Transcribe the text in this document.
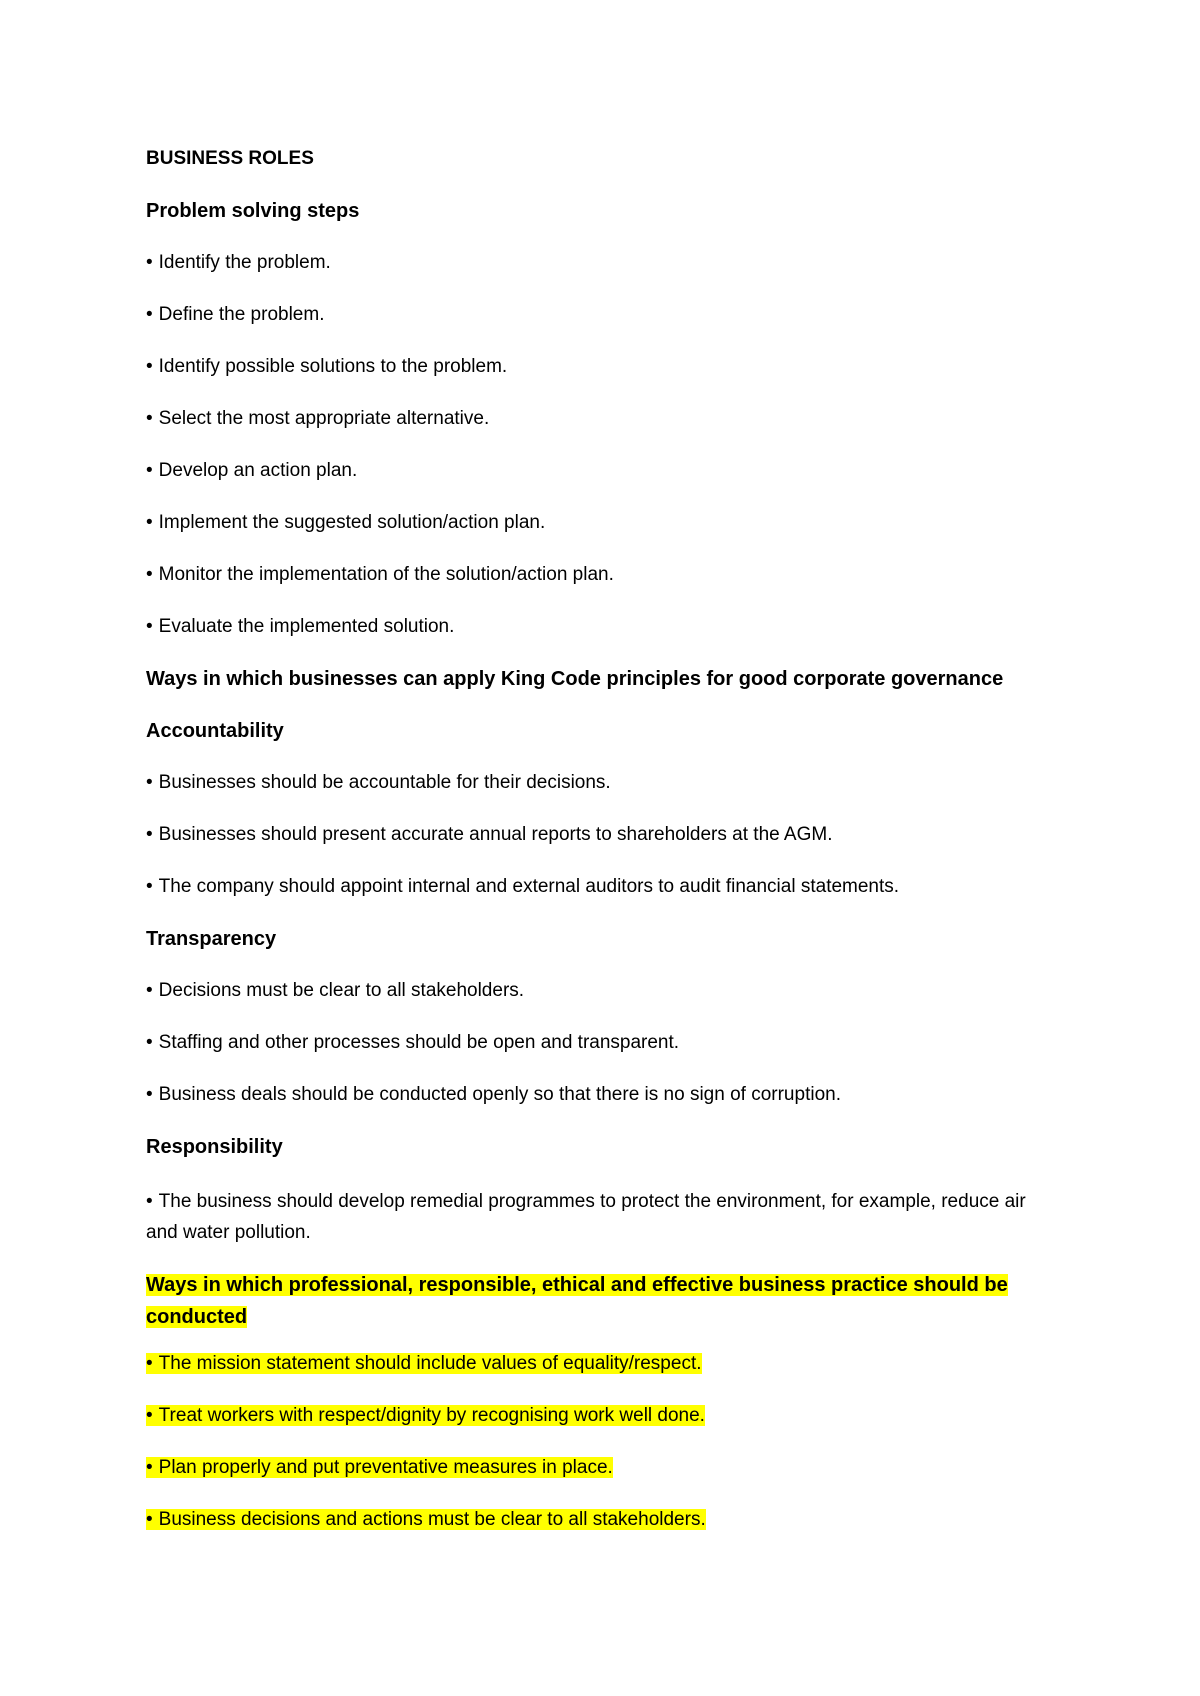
BUSINESS ROLES
Problem solving steps
• Identify the problem.
• Define the problem.
• Identify possible solutions to the problem.
• Select the most appropriate alternative.
• Develop an action plan.
• Implement the suggested solution/action plan.
• Monitor the implementation of the solution/action plan.
• Evaluate the implemented solution.
Ways in which businesses can apply King Code principles for good corporate governance
Accountability
• Businesses should be accountable for their decisions.
• Businesses should present accurate annual reports to shareholders at the AGM.
• The company should appoint internal and external auditors to audit financial statements.
Transparency
• Decisions must be clear to all stakeholders.
• Staffing and other processes should be open and transparent.
• Business deals should be conducted openly so that there is no sign of corruption.
Responsibility
• The business should develop remedial programmes to protect the environment, for example, reduce air and water pollution.
Ways in which professional, responsible, ethical and effective business practice should be conducted
• The mission statement should include values of equality/respect.
• Treat workers with respect/dignity by recognising work well done.
• Plan properly and put preventative measures in place.
• Business decisions and actions must be clear to all stakeholders.
